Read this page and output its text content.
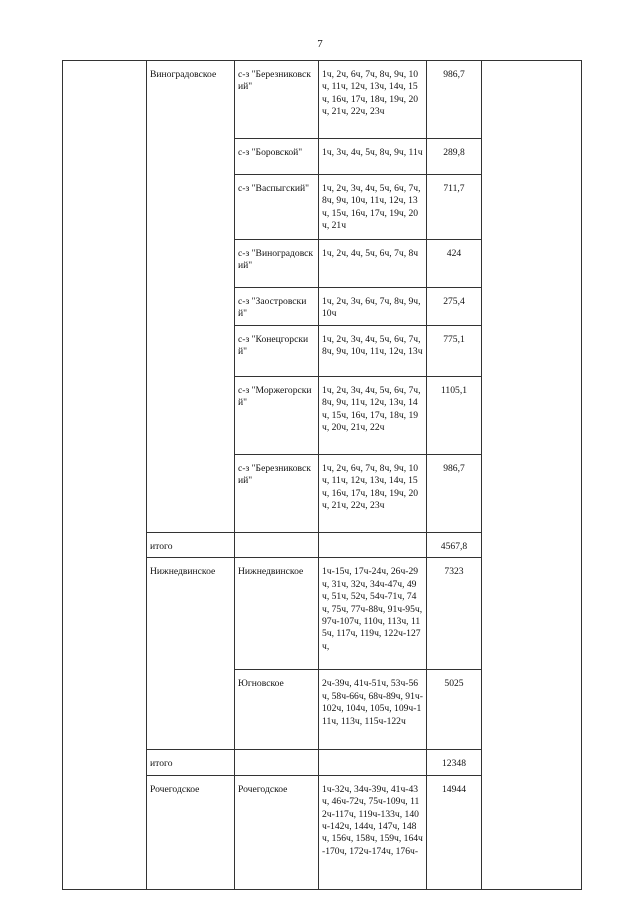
7
	Виноградовское	с-з "Березниковский"	1ч, 2ч, 6ч, 7ч, 8ч, 9ч, 10ч, 11ч, 12ч, 13ч, 14ч, 15ч, 16ч, 17ч, 18ч, 19ч, 20ч, 21ч, 22ч, 23ч	986,7	
		с-з "Боровской"	1ч, 3ч, 4ч, 5ч, 8ч, 9ч, 11ч	289,8	
		с-з "Васпыгский"	1ч, 2ч, 3ч, 4ч, 5ч, 6ч, 7ч, 8ч, 9ч, 10ч, 11ч, 12ч, 13ч, 15ч, 16ч, 17ч, 19ч, 20ч, 21ч	711,7	
		с-з "Виноградовский"	1ч, 2ч, 4ч, 5ч, 6ч, 7ч, 8ч	424	
		с-з "Заостровский"	1ч, 2ч, 3ч, 6ч, 7ч, 8ч, 9ч, 10ч	275,4	
		с-з "Конецгорский"	1ч, 2ч, 3ч, 4ч, 5ч, 6ч, 7ч, 8ч, 9ч, 10ч, 11ч, 12ч, 13ч	775,1	
		с-з "Моржегорский"	1ч, 2ч, 3ч, 4ч, 5ч, 6ч, 7ч, 8ч, 9ч, 11ч, 12ч, 13ч, 14ч, 15ч, 16ч, 17ч, 18ч, 19ч, 20ч, 21ч, 22ч	1105,1	
		с-з "Березниковский"	1ч, 2ч, 6ч, 7ч, 8ч, 9ч, 10ч, 11ч, 12ч, 13ч, 14ч, 15ч, 16ч, 17ч, 18ч, 19ч, 20ч, 21ч, 22ч, 23ч	986,7	
	итого			4567,8	
	Нижнедвинское	Нижнедвинское	1ч-15ч, 17ч-24ч, 26ч-29ч, 31ч, 32ч, 34ч-47ч, 49ч, 51ч, 52ч, 54ч-71ч, 74ч, 75ч, 77ч-88ч, 91ч-95ч, 97ч-107ч, 110ч, 113ч, 115ч, 117ч, 119ч, 122ч-127ч,	7323	
		Югновское	2ч-39ч, 41ч-51ч, 53ч-56ч, 58ч-66ч, 68ч-89ч, 91ч-102ч, 104ч, 105ч, 109ч-111ч, 113ч, 115ч-122ч	5025	
	итого			12348	
	Рочегодское	Рочегодское	1ч-32ч, 34ч-39ч, 41ч-43ч, 46ч-72ч, 75ч-109ч, 112ч-117ч, 119ч-133ч, 140ч-142ч, 144ч, 147ч, 148ч, 156ч, 158ч, 159ч, 164ч-170ч, 172ч-174ч, 176ч-	14944	
